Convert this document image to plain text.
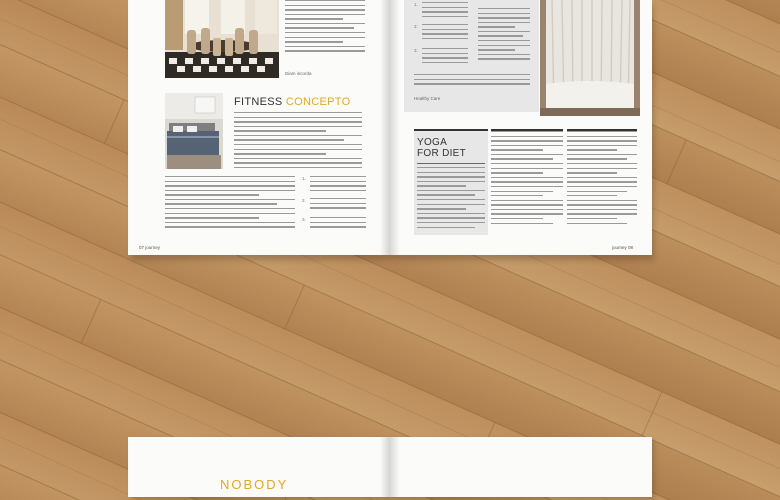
Diam incorda
FITNESS CONCEPTO
1.
2.
3.
07 journey
1.
2.
3.
Healthy Care
YOGA
FOR DIET
journey 08
NOBODY
